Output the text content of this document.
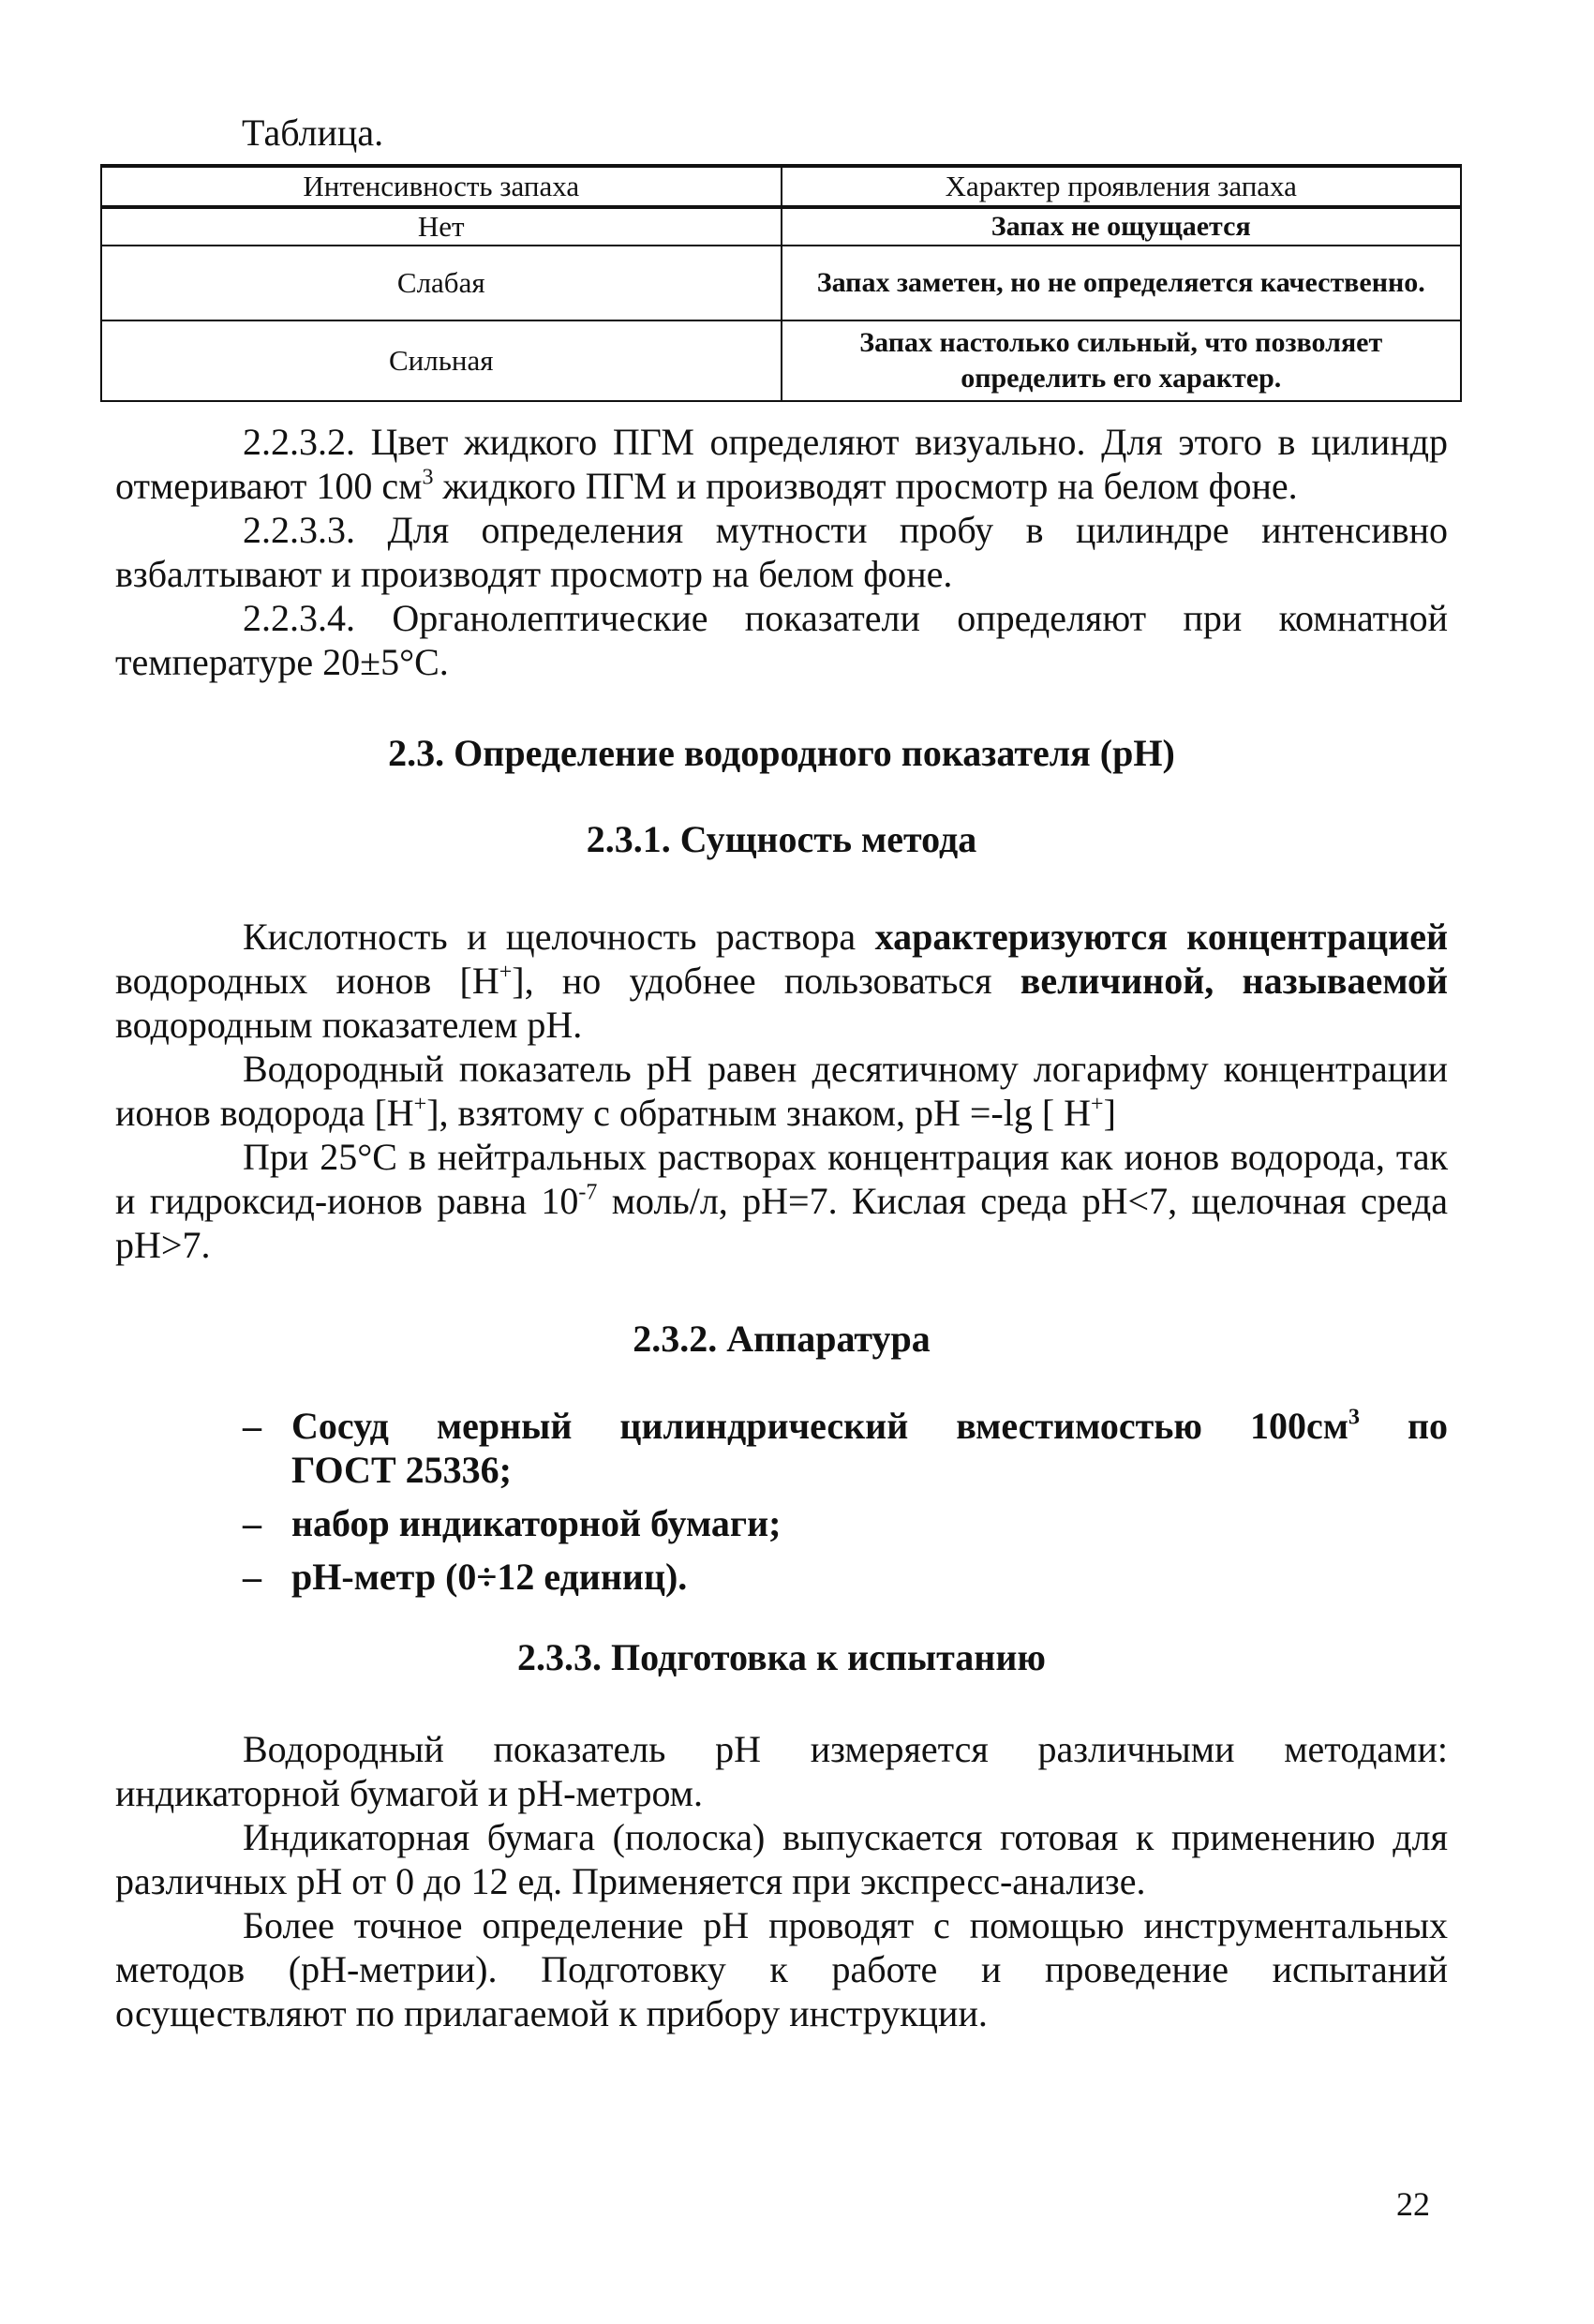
Таблица.
Интенсивность запаха	Характер проявления запаха
Нет	Запах не ощущается
Слабая	Запах заметен, но не определяется качественно.
Сильная	Запах настолько сильный, что позволяет определить его характер.

2.2.3.2. Цвет жидкого ПГМ определяют визуально. Для этого в цилиндр отмеривают 100 $см^3$ жидкого ПГМ и производят просмотр на белом фоне.

2.2.3.3. Для определения мутности пробу в цилиндре интенсивно взбалтывают и производят просмотр на белом фоне.

2.2.3.4. Органолептические показатели определяют при комнатной температуре 20±5°С.

2.3. Определение водородного показателя (рН)
2.3.1. Сущность метода

Кислотность и щелочность раствора характеризуются концентрацией водородных ионов [Н+], но удобнее пользоваться величиной, называемой водородным показателем рН.

Водородный показатель рН равен десятичному логарифму концентрации ионов водорода [Н+], взятому с обратным знаком, рН =-lg [ Н+]

При 25°С в нейтральных растворах концентрация как ионов водорода, так и гидроксид-ионов равна $10^{-7}$ моль/л, рН=7. Кислая среда рН<7, щелочная среда рН>7.

2.3.2. Аппаратура
– Сосуд мерный цилиндрический вместимостью $100см^3$ по
ГОСТ 25336;
– набор индикаторной бумаги;
– рН-метр (0÷12 единиц).
2.3.3. Подготовка к испытанию

Водородный показатель рН измеряется различными методами: индикаторной бумагой и рН-метром.

Индикаторная бумага (полоска) выпускается готовая к применению для различных рН от 0 до 12 ед. Применяется при экспресс-анализе.

Более точное определение рН проводят с помощью инструментальных методов (рН-метрии). Подготовку к работе и проведение испытаний осуществляют по прилагаемой к прибору инструкции.

22
